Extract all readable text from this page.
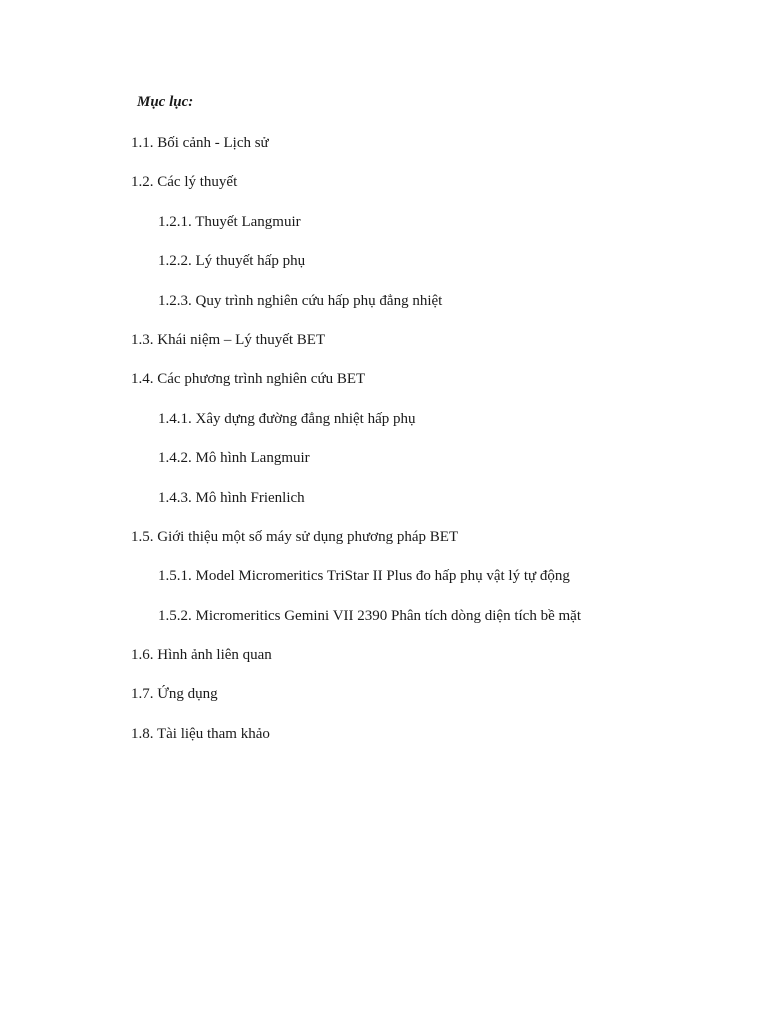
Mục lục:
1.1. Bối cảnh - Lịch sử
1.2. Các lý thuyết
1.2.1. Thuyết Langmuir
1.2.2. Lý thuyết hấp phụ
1.2.3. Quy trình nghiên cứu hấp phụ đẳng nhiệt
1.3. Khái niệm – Lý thuyết BET
1.4. Các phương trình nghiên cứu BET
1.4.1. Xây dựng đường đẳng nhiệt hấp phụ
1.4.2. Mô hình Langmuir
1.4.3. Mô hình Frienlich
1.5. Giới thiệu một số máy sử dụng phương pháp BET
1.5.1. Model Micromeritics TriStar II Plus đo hấp phụ vật lý tự động
1.5.2. Micromeritics Gemini VII 2390 Phân tích dòng diện tích bề mặt
1.6. Hình ảnh liên quan
1.7. Ứng dụng
1.8. Tài liệu tham khảo
